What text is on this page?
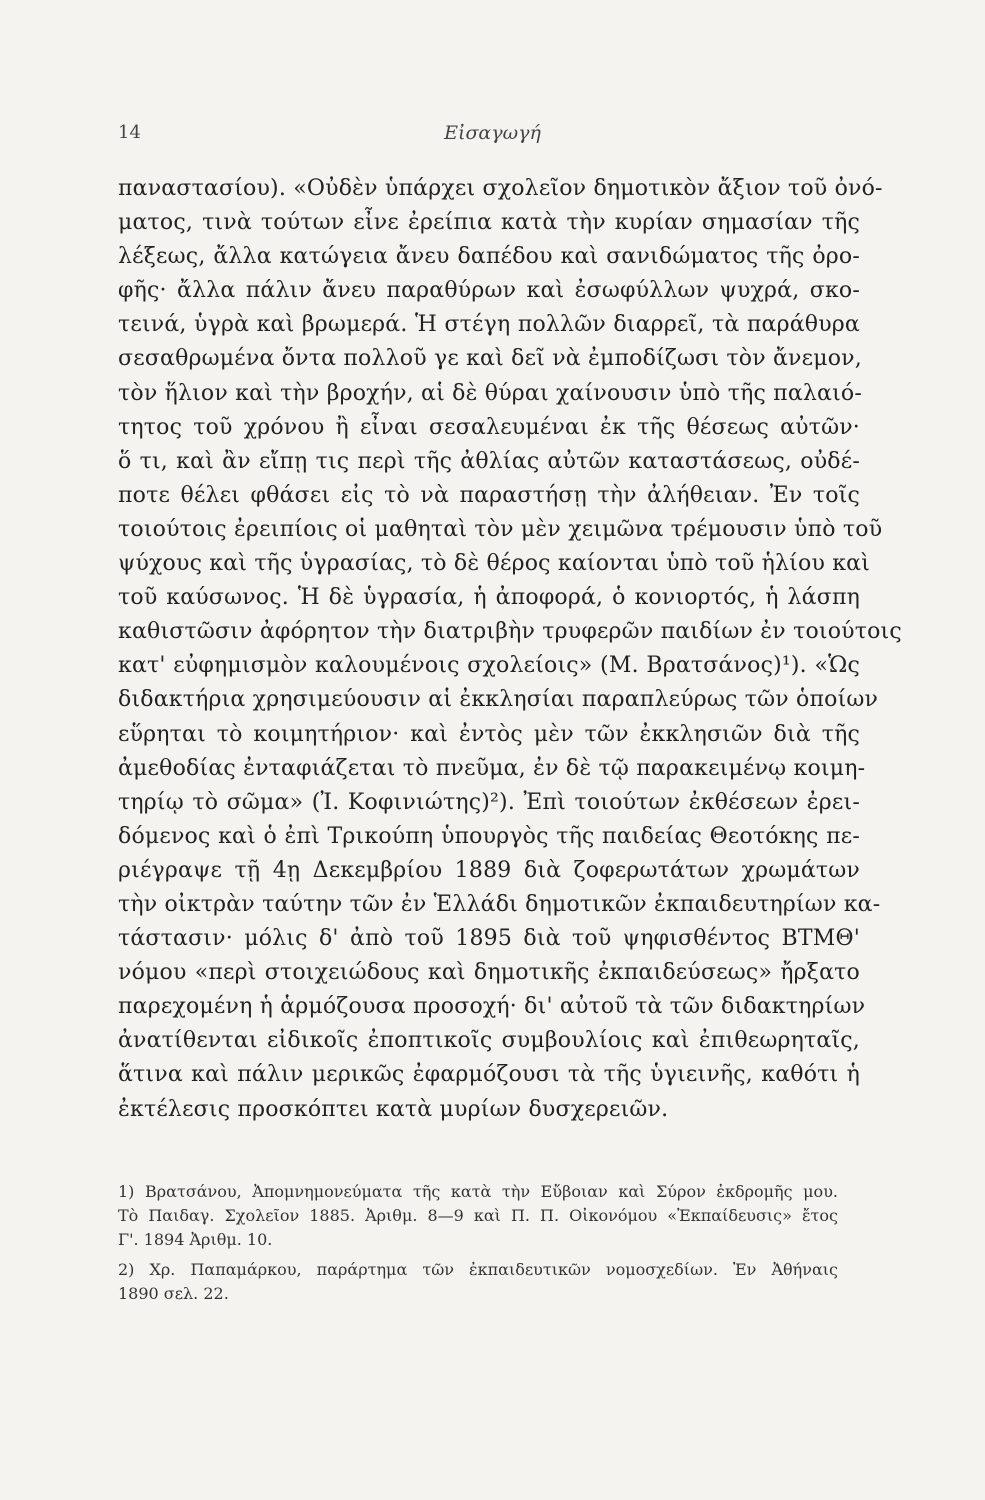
14	Εἰσαγωγή
παναστασίου). «Οὐδὲν ὑπάρχει σχολεῖον δημοτικὸν ἄξιον τοῦ ὀνό-
ματος, τινὰ τούτων εἶνε ἐρείπια κατὰ τὴν κυρίαν σημασίαν τῆς
λέξεως, ἄλλα κατώγεια ἄνευ δαπέδου καὶ σανιδώματος τῆς ὀρο-
φῆς· ἄλλα πάλιν ἄνευ παραθύρων καὶ ἐσωφύλλων ψυχρά, σκο-
τεινά, ὑγρὰ καὶ βρωμερά. Ἡ στέγη πολλῶν διαρρεῖ, τὰ παράθυρα
σεσαθρωμένα ὄντα πολλοῦ γε καὶ δεῖ νὰ ἐμποδίζωσι τὸν ἄνεμον,
τὸν ἥλιον καὶ τὴν βροχήν, αἱ δὲ θύραι χαίνουσιν ὑπὸ τῆς παλαιό-
τητος τοῦ χρόνου ἢ εἶναι σεσαλευμέναι ἐκ τῆς θέσεως αὐτῶν·
ὅ τι, καὶ ἂν εἴπῃ τις περὶ τῆς ἀθλίας αὐτῶν καταστάσεως, οὐδέ-
ποτε θέλει φθάσει εἰς τὸ νὰ παραστήσῃ τὴν ἀλήθειαν. Ἐν τοῖς
τοιούτοις ἐρειπίοις οἱ μαθηταὶ τὸν μὲν χειμῶνα τρέμουσιν ὑπὸ τοῦ
ψύχους καὶ τῆς ὑγρασίας, τὸ δὲ θέρος καίονται ὑπὸ τοῦ ἡλίου καὶ
τοῦ καύσωνος. Ἡ δὲ ὑγρασία, ἡ ἀποφορά, ὁ κονιορτός, ἡ λάσπη
καθιστῶσιν ἀφόρητον τὴν διατριβὴν τρυφερῶν παιδίων ἐν τοιούτοις
κατ' εὐφημισμὸν καλουμένοις σχολείοις» (Μ. Βρατσάνος)¹). «Ὡς
διδακτήρια χρησιμεύουσιν αἱ ἐκκλησίαι παραπλεύρως τῶν ὁποίων
εὕρηται τὸ κοιμητήριον· καὶ ἐντὸς μὲν τῶν ἐκκλησιῶν διὰ τῆς
ἀμεθοδίας ἐνταφιάζεται τὸ πνεῦμα, ἐν δὲ τῷ παρακειμένῳ κοιμη-
τηρίῳ τὸ σῶμα» (Ἰ. Κοφινιώτης)²). Ἐπὶ τοιούτων ἐκθέσεων ἐρει-
δόμενος καὶ ὁ ἐπὶ Τρικούπη ὑπουργὸς τῆς παιδείας Θεοτόκης πε-
ριέγραψε τῇ 4ῃ Δεκεμβρίου 1889 διὰ ζοφερωτάτων χρωμάτων
τὴν οἰκτρὰν ταύτην τῶν ἐν Ἑλλάδι δημοτικῶν ἐκπαιδευτηρίων κα-
τάστασιν· μόλις δ' ἀπὸ τοῦ 1895 διὰ τοῦ ψηφισθέντος ΒΤΜΘ'
νόμου «περὶ στοιχειώδους καὶ δημοτικῆς ἐκπαιδεύσεως» ἤρξατο
παρεχομένη ἡ ἁρμόζουσα προσοχή· δι' αὐτοῦ τὰ τῶν διδακτηρίων
ἀνατίθενται εἰδικοῖς ἐποπτικοῖς συμβουλίοις καὶ ἐπιθεωρηταῖς,
ἅτινα καὶ πάλιν μερικῶς ἐφαρμόζουσι τὰ τῆς ὑγιεινῆς, καθότι ἡ
ἐκτέλεσις προσκόπτει κατὰ μυρίων δυσχερειῶν.
1) Βρατσάνου, Ἀπομνημονεύματα τῆς κατὰ τὴν Εὔβοιαν καὶ Σύρον ἐκδρομῆς μου.
Τὸ Παιδαγ. Σχολεῖον 1885. Ἀριθμ. 8—9 καὶ Π. Π. Οἰκονόμου «Ἐκπαίδευσις» ἔτος
Γ'. 1894 Ἀριθμ. 10.
2) Χρ. Παπαμάρκου, παράρτημα τῶν ἐκπαιδευτικῶν νομοσχεδίων. Ἐν Ἀθήναις
1890 σελ. 22.
